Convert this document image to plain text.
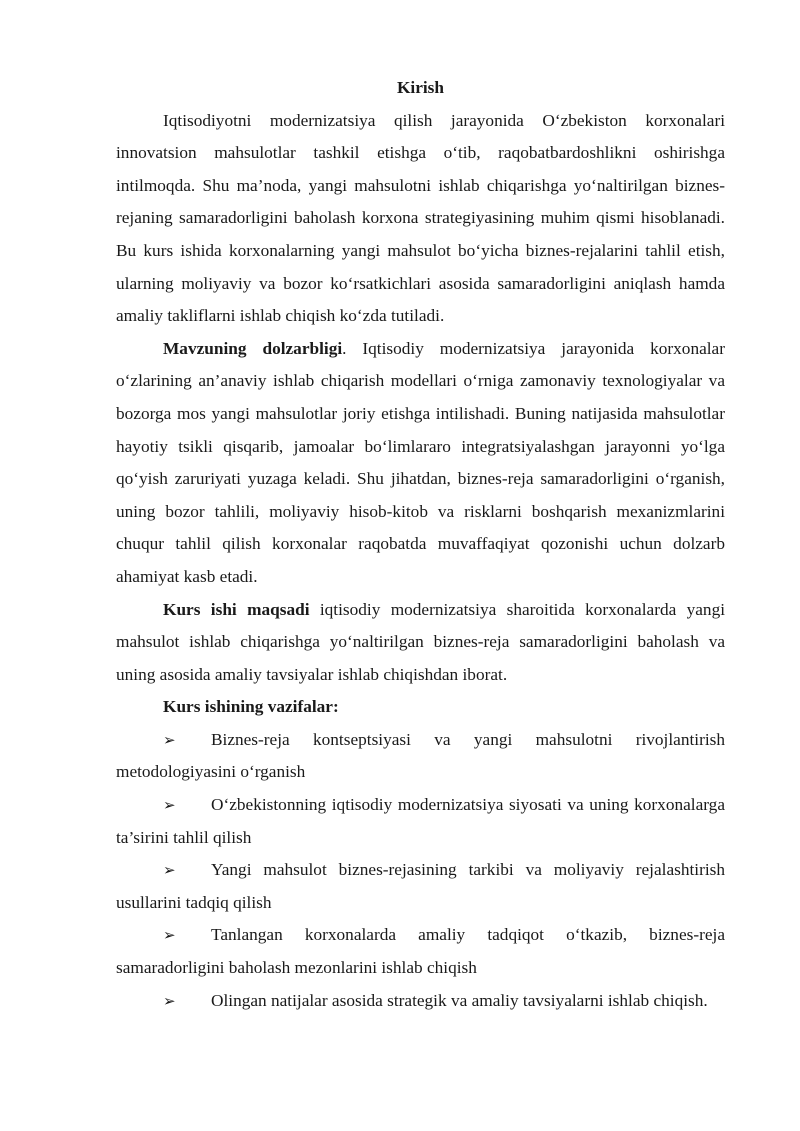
Kirish

Iqtisodiyotni modernizatsiya qilish jarayonida O‘zbekiston korxonalari innovatsion mahsulotlar tashkil etishga o‘tib, raqobatbardoshlikni oshirishga intilmoqda. Shu ma’noda, yangi mahsulotni ishlab chiqarishga yo‘naltirilgan biznes-rejaning samaradorligini baholash korxona strategiyasining muhim qismi hisoblanadi. Bu kurs ishida korxonalarning yangi mahsulot bo‘yicha biznes-rejalarini tahlil etish, ularning moliyaviy va bozor ko‘rsatkichlari asosida samaradorligini aniqlash hamda amaliy takliflarni ishlab chiqish ko‘zda tutiladi.

Mavzuning dolzarbligi. Iqtisodiy modernizatsiya jarayonida korxonalar o‘zlarining an’anaviy ishlab chiqarish modellari o‘rniga zamonaviy texnologiyalar va bozorga mos yangi mahsulotlar joriy etishga intilishadi. Buning natijasida mahsulotlar hayotiy tsikli qisqarib, jamoalar bo‘limlararo integratsiyalashgan jarayonni yo‘lga qo‘yish zaruriyati yuzaga keladi. Shu jihatdan, biznes-reja samaradorligini o‘rganish, uning bozor tahlili, moliyaviy hisob-kitob va risklarni boshqarish mexanizmlarini chuqur tahlil qilish korxonalar raqobatda muvaffaqiyat qozonishi uchun dolzarb ahamiyat kasb etadi.

Kurs ishi maqsadi iqtisodiy modernizatsiya sharoitida korxonalarda yangi mahsulot ishlab chiqarishga yo‘naltirilgan biznes-reja samaradorligini baholash va uning asosida amaliy tavsiyalar ishlab chiqishdan iborat.

Kurs ishining vazifalar:

➢ Biznes-reja kontseptsiyasi va yangi mahsulotni rivojlantirish metodologiyasini o‘rganish

➢ O‘zbekistonning iqtisodiy modernizatsiya siyosati va uning korxonalarga ta’sirini tahlil qilish

➢ Yangi mahsulot biznes-rejasining tarkibi va moliyaviy rejalashtirish usullarini tadqiq qilish

➢ Tanlangan korxonalarda amaliy tadqiqot o‘tkazib, biznes-reja samaradorligini baholash mezonlarini ishlab chiqish

➢ Olingan natijalar asosida strategik va amaliy tavsiyalarni ishlab chiqish.
